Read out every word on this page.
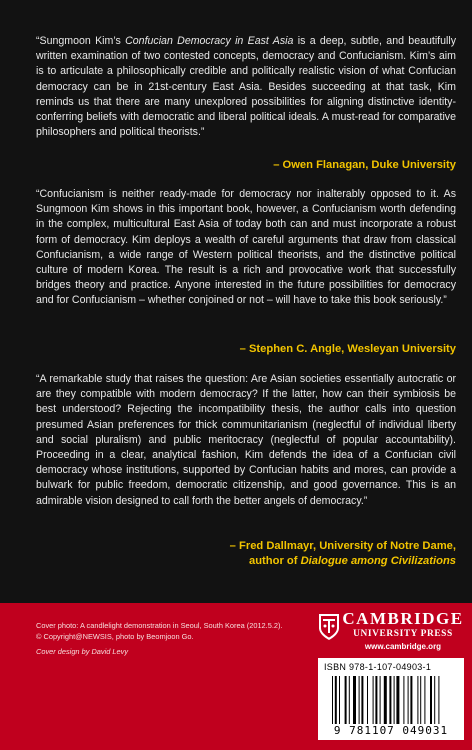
“Sungmoon Kim’s Confucian Democracy in East Asia is a deep, subtle, and beautifully written examination of two contested concepts, democracy and Confucianism. Kim’s aim is to articulate a philosophically credible and politically realistic vision of what Confucian democracy can be in 21st-century East Asia. Besides succeeding at that task, Kim reminds us that there are many unexplored possibilities for aligning distinctive identity-conferring beliefs with democratic and liberal political ideals. A must-read for comparative philosophers and political theorists.”

– Owen Flanagan, Duke University

“Confucianism is neither ready-made for democracy nor inalterably opposed to it. As Sungmoon Kim shows in this important book, however, a Confucianism worth defending in the complex, multicultural East Asia of today both can and must incorporate a robust form of democracy. Kim deploys a wealth of careful arguments that draw from classical Confucianism, a wide range of Western political theorists, and the distinctive political culture of modern Korea. The result is a rich and provocative work that successfully bridges theory and practice. Anyone interested in the future possibilities for democracy and for Confucianism – whether conjoined or not – will have to take this book seriously.”

– Stephen C. Angle, Wesleyan University

“A remarkable study that raises the question: Are Asian societies essentially autocratic or are they compatible with modern democracy? If the latter, how can their symbiosis be best understood? Rejecting the incompatibility thesis, the author calls into question presumed Asian preferences for thick communitarianism (neglectful of individual liberty and social pluralism) and public meritocracy (neglectful of popular accountability). Proceeding in a clear, analytical fashion, Kim defends the idea of a Confucian civil democracy whose institutions, supported by Confucian habits and mores, can provide a bulwark for public freedom, democratic citizenship, and good governance. This is an admirable vision designed to call forth the better angels of democracy.”

– Fred Dallmayr, University of Notre Dame,
author of Dialogue among Civilizations

Cover photo: A candlelight demonstration in Seoul, South Korea (2012.5.2).

© Copyright@NEWSIS, photo by Beomjoon Go.

Cover design by David Levy

CAMBRIDGE
UNIVERSITY PRESS
www.cambridge.org
ISBN 978-1-107-04903-1
9 781107 049031
